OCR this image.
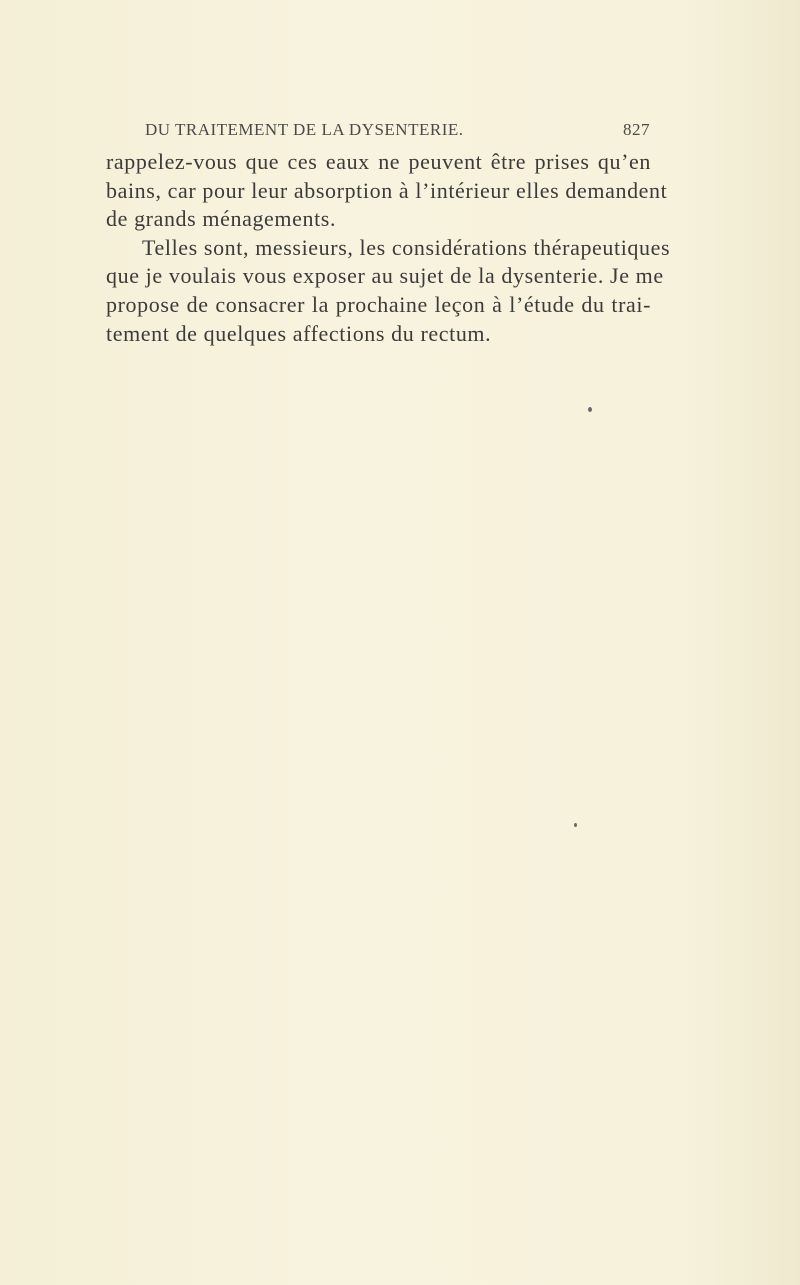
DU TRAITEMENT DE LA DYSENTERIE.	827
rappelez-vous que ces eaux ne peuvent être prises qu’en
bains, car pour leur absorption à l’intérieur elles demandent
de grands ménagements.
Telles sont, messieurs, les considérations thérapeutiques
que je voulais vous exposer au sujet de la dysenterie. Je me
propose de consacrer la prochaine leçon à l’étude du trai-
tement de quelques affections du rectum.
